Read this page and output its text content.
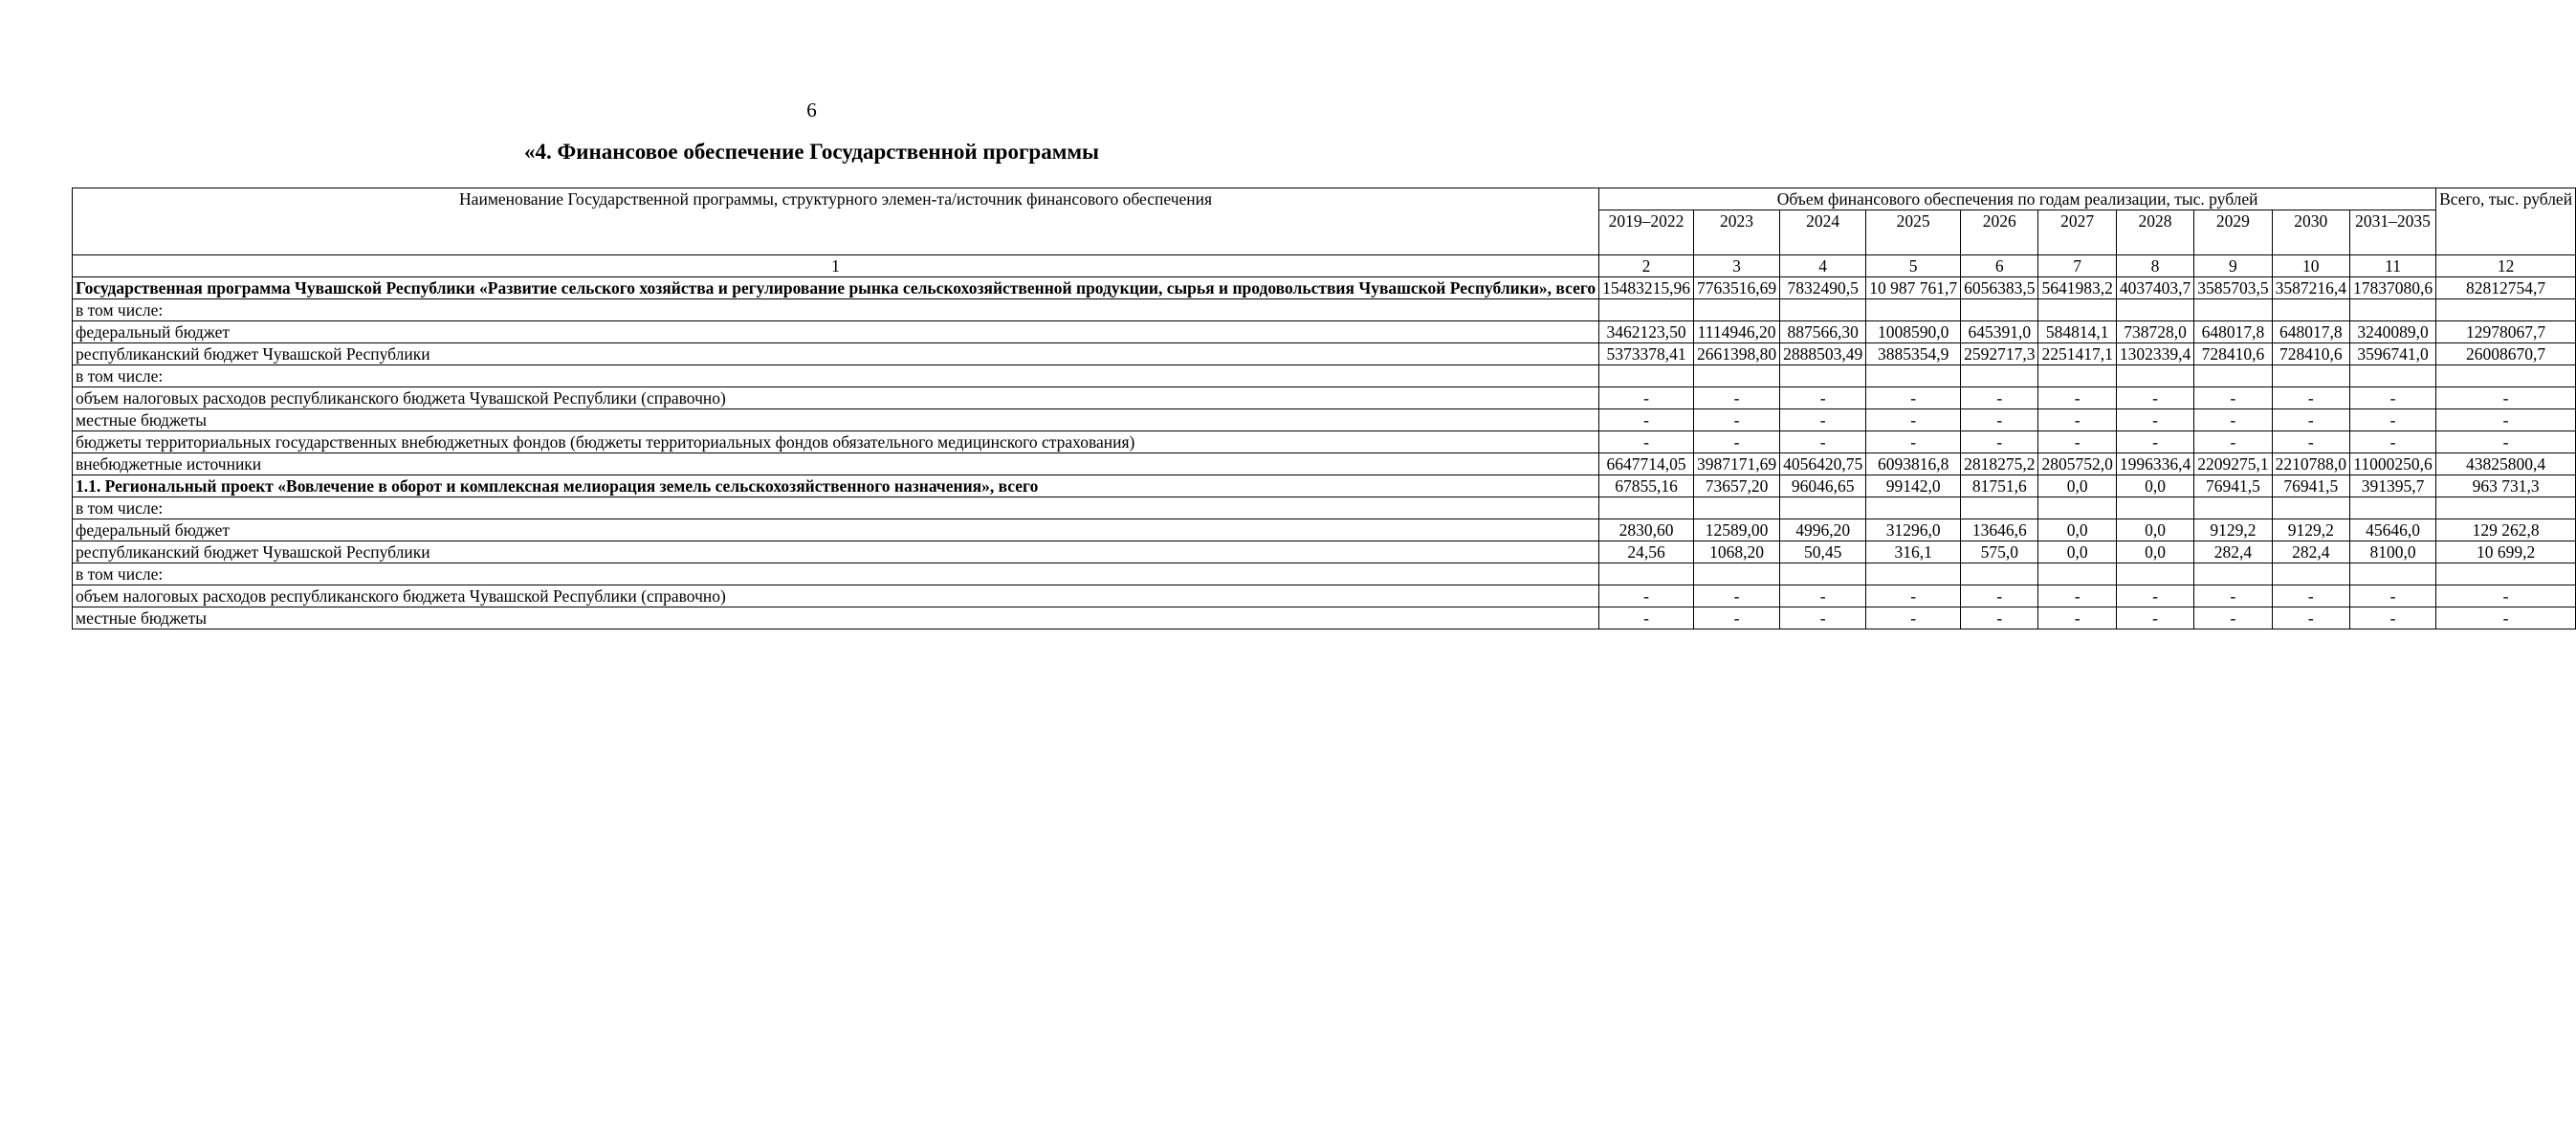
6
«4. Финансовое обеспечение Государственной программы
Наименование Государственной программы, структурного элемен-та/источник финансового обеспечения	Объем финансового обеспечения по годам реализации, тыс. рублей										Всего, тыс. рублей
	2019–2022	2023	2024	2025	2026	2027	2028	2029	2030	2031–2035	
1	2	3	4	5	6	7	8	9	10	11	12
Государственная программа Чувашской Республики «Развитие сельского хозяйства и регулирование рынка сельскохозяйственной продукции, сырья и продовольствия Чувашской Республики», всего	15483215,96	7763516,69	7832490,5	10 987 761,7	6056383,5	5641983,2	4037403,7	3585703,5	3587216,4	17837080,6	82812754,7
в том числе:											
федеральный бюджет	3462123,50	1114946,20	887566,30	1008590,0	645391,0	584814,1	738728,0	648017,8	648017,8	3240089,0	12978067,7
республиканский бюджет Чувашской Республики	5373378,41	2661398,80	2888503,49	3885354,9	2592717,3	2251417,1	1302339,4	728410,6	728410,6	3596741,0	26008670,7
в том числе:											
объем налоговых расходов республиканского бюджета Чувашской Республики (справочно)	-	-	-	-	-	-	-	-	-	-	-
местные бюджеты	-	-	-	-	-	-	-	-	-	-	-
бюджеты территориальных государственных внебюджетных фондов (бюджеты территориальных фондов обязательного медицинского страхования)	-	-	-	-	-	-	-	-	-	-	-
внебюджетные источники	6647714,05	3987171,69	4056420,75	6093816,8	2818275,2	2805752,0	1996336,4	2209275,1	2210788,0	11000250,6	43825800,4
1.1. Региональный проект «Вовлечение в оборот и комплексная мелиорация земель сельскохозяйственного назначения», всего	67855,16	73657,20	96046,65	99142,0	81751,6	0,0	0,0	76941,5	76941,5	391395,7	963 731,3
в том числе:											
федеральный бюджет	2830,60	12589,00	4996,20	31296,0	13646,6	0,0	0,0	9129,2	9129,2	45646,0	129 262,8
республиканский бюджет Чувашской Республики	24,56	1068,20	50,45	316,1	575,0	0,0	0,0	282,4	282,4	8100,0	10 699,2
в том числе:											
объем налоговых расходов республиканского бюджета Чувашской Республики (справочно)	-	-	-	-	-	-	-	-	-	-	-
местные бюджеты	-	-	-	-	-	-	-	-	-	-	-
